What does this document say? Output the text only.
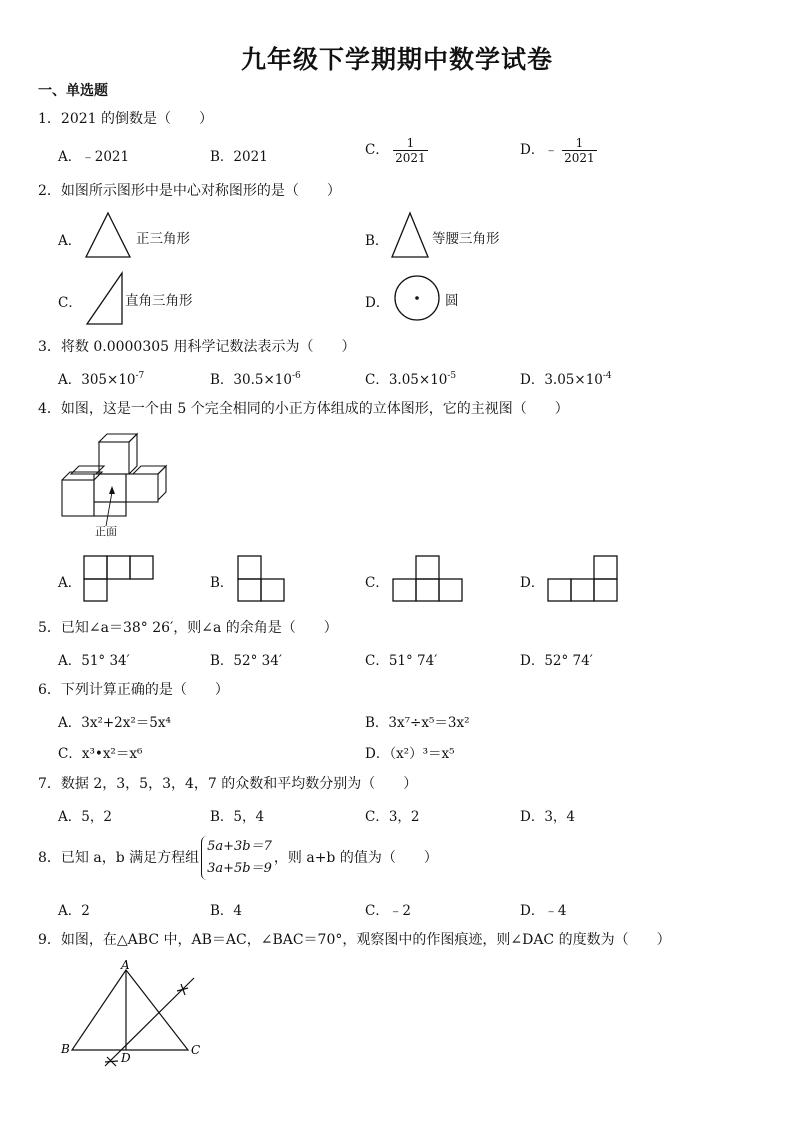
九年级下学期期中数学试卷
一、单选题
1．2021 的倒数是（　　）
A．﹣2021	B．2021	C． $\frac{1}{2021}$	D．﹣ $\frac{1}{2021}$
2．如图所示图形中是中心对称图形的是（　　）
A．	正三角形	B．	等腰三角形
C．	直角三角形	D．	圆
3．将数 0.0000305 用科学记数法表示为（　　）
A．$305\times 10^{-7}$	B．$30.5\times 10^{-6}$	C．$3.05\times 10^{-5}$	D．$3.05\times 10^{-4}$
4．如图，这是一个由 5 个完全相同的小正方体组成的立体图形，它的主视图（　　）
正面
A．	B．	C．	D．
5．已知∠a＝38° 26′，则∠a 的余角是（　　）
A．51° 34′	B．52° 34′	C．51° 74′	D．52° 74′
6．下列计算正确的是（　　）
A．3x²+2x²＝5x⁴	B．3x⁷÷x⁵＝3x²
C．x³•x²＝x⁶	D．（x²）³＝x⁵
7．数据 2，3，5，3，4，7 的众数和平均数分别为（　　）
A．5，2	B．5，4	C．3，2	D．3，4
8．已知 a，b 满足方程组5a+3b＝7
3a+5b＝9，则 a+b 的值为（　　）
A．2	B．4	C．﹣2	D．﹣4
9．如图，在△ABC 中，AB＝AC，∠BAC＝70°，观察图中的作图痕迹，则∠DAC 的度数为（　　）
A
B	C
D
